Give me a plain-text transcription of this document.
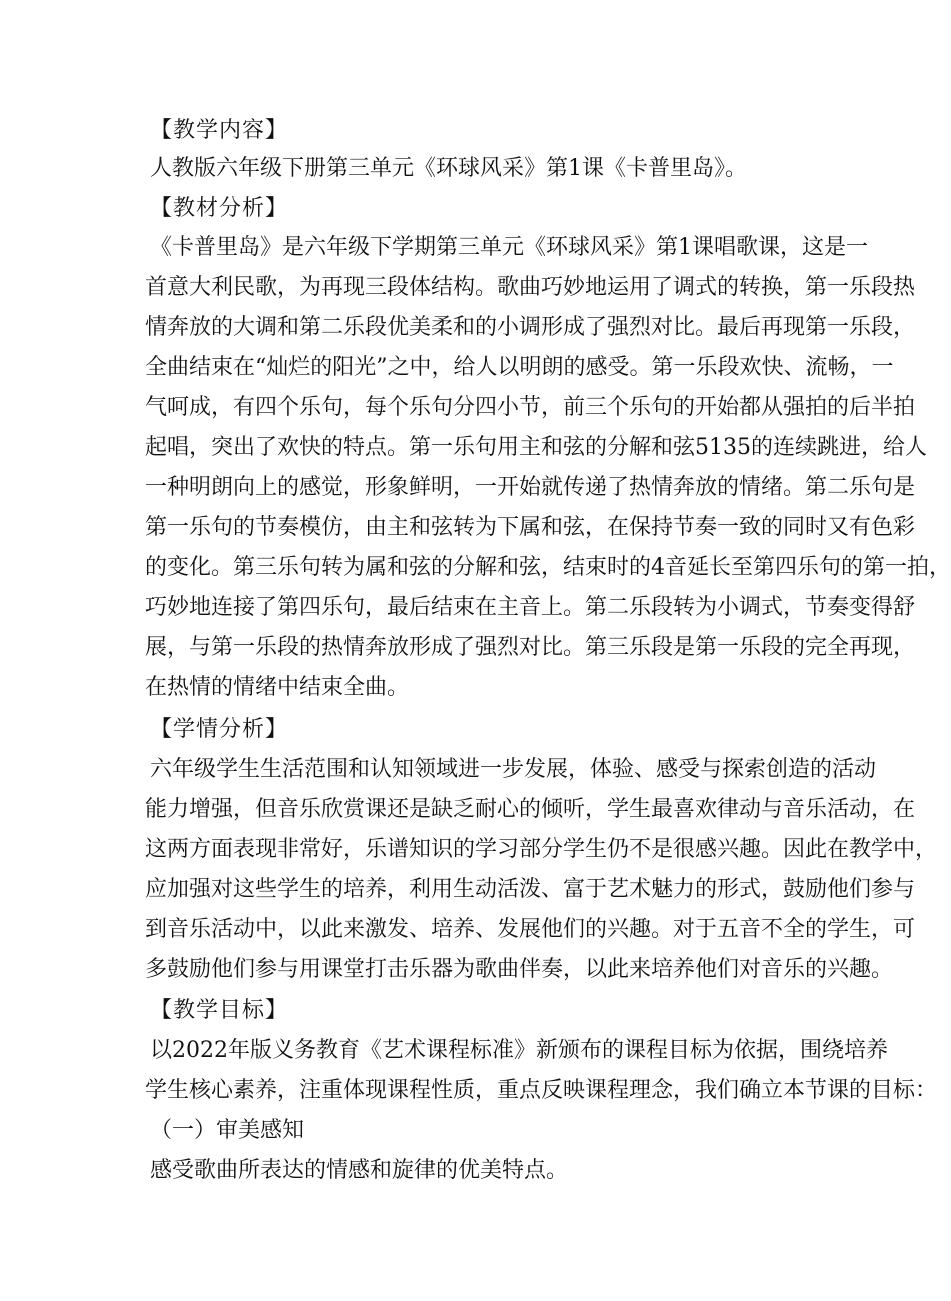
【教学内容】
人教版六年级下册第三单元《环球风采》第1课《卡普里岛》。
【教材分析】
《卡普里岛》是六年级下学期第三单元《环球风采》第1课唱歌课，这是一
首意大利民歌，为再现三段体结构。歌曲巧妙地运用了调式的转换，第一乐段热
情奔放的大调和第二乐段优美柔和的小调形成了强烈对比。最后再现第一乐段，
全曲结束在“灿烂的阳光”之中，给人以明朗的感受。第一乐段欢快、流畅，一
气呵成，有四个乐句，每个乐句分四小节，前三个乐句的开始都从强拍的后半拍
起唱，突出了欢快的特点。第一乐句用主和弦的分解和弦5135的连续跳进，给人
一种明朗向上的感觉，形象鲜明，一开始就传递了热情奔放的情绪。第二乐句是
第一乐句的节奏模仿，由主和弦转为下属和弦，在保持节奏一致的同时又有色彩
的变化。第三乐句转为属和弦的分解和弦，结束时的4音延长至第四乐句的第一拍，
巧妙地连接了第四乐句，最后结束在主音上。第二乐段转为小调式，节奏变得舒
展，与第一乐段的热情奔放形成了强烈对比。第三乐段是第一乐段的完全再现，
在热情的情绪中结束全曲。
【学情分析】
六年级学生生活范围和认知领域进一步发展，体验、感受与探索创造的活动
能力增强，但音乐欣赏课还是缺乏耐心的倾听，学生最喜欢律动与音乐活动，在
这两方面表现非常好，乐谱知识的学习部分学生仍不是很感兴趣。因此在教学中，
应加强对这些学生的培养，利用生动活泼、富于艺术魅力的形式，鼓励他们参与
到音乐活动中，以此来激发、培养、发展他们的兴趣。对于五音不全的学生，可
多鼓励他们参与用课堂打击乐器为歌曲伴奏，以此来培养他们对音乐的兴趣。
【教学目标】
以2022年版义务教育《艺术课程标准》新颁布的课程目标为依据，围绕培养
学生核心素养，注重体现课程性质，重点反映课程理念，我们确立本节课的目标：
（一）审美感知
感受歌曲所表达的情感和旋律的优美特点。
